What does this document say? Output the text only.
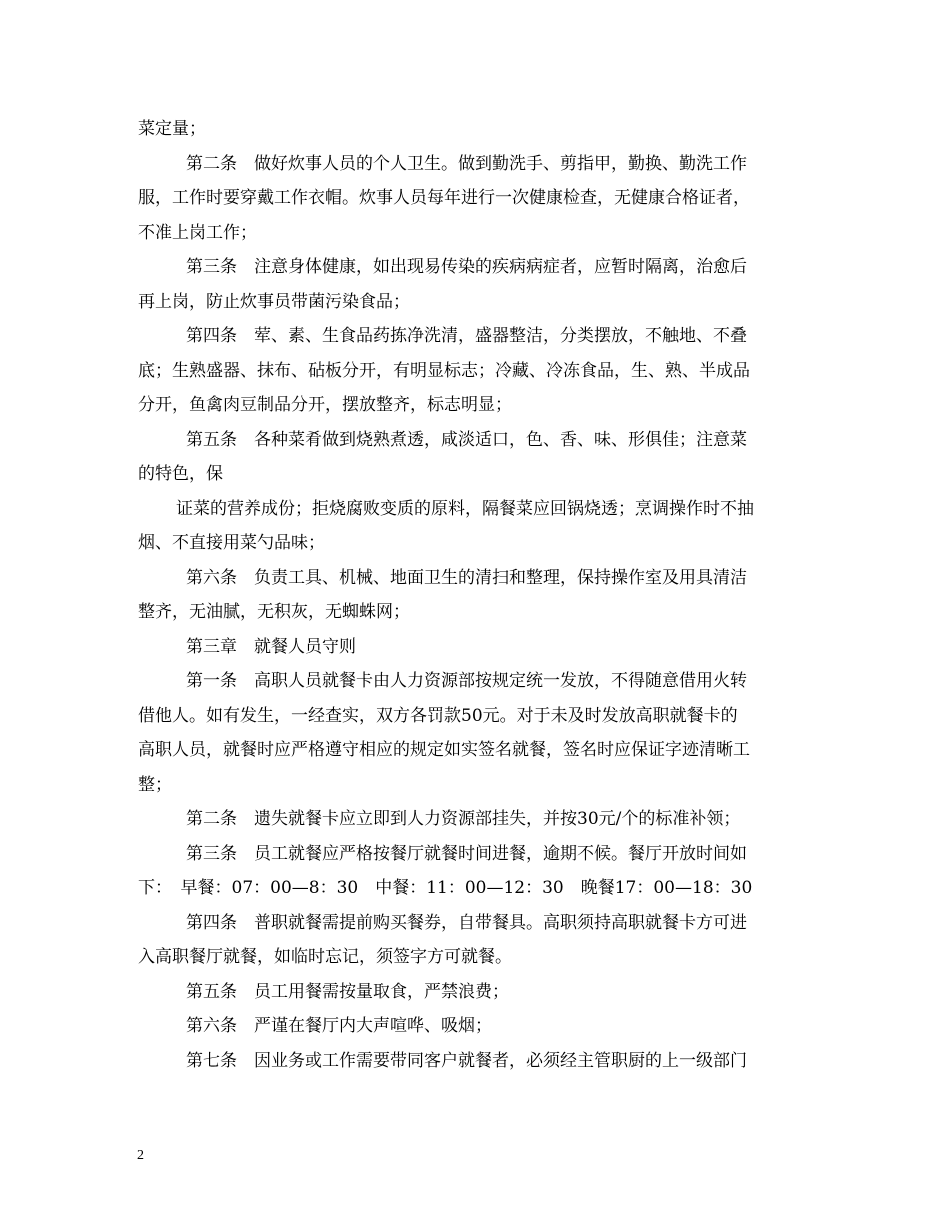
菜定量；
第二条　做好炊事人员的个人卫生。做到勤洗手、剪指甲，勤换、勤洗工作
服，工作时要穿戴工作衣帽。炊事人员每年进行一次健康检查，无健康合格证者，
不准上岗工作；
第三条　注意身体健康，如出现易传染的疾病病症者，应暂时隔离，治愈后
再上岗，防止炊事员带菌污染食品；
第四条　荤、素、生食品药拣净洗清，盛器整洁，分类摆放，不触地、不叠
底；生熟盛器、抹布、砧板分开，有明显标志；冷藏、冷冻食品，生、熟、半成品
分开，鱼禽肉豆制品分开，摆放整齐，标志明显；
第五条　各种菜肴做到烧熟煮透，咸淡适口，色、香、味、形俱佳；注意菜
的特色，保
证菜的营养成份；拒烧腐败变质的原料，隔餐菜应回锅烧透；烹调操作时不抽
烟、不直接用菜勺品味；
第六条　负责工具、机械、地面卫生的清扫和整理，保持操作室及用具清洁
整齐，无油腻，无积灰，无蜘蛛网；
第三章　就餐人员守则
第一条　高职人员就餐卡由人力资源部按规定统一发放，不得随意借用火转
借他人。如有发生，一经查实，双方各罚款50元。对于未及时发放高职就餐卡的
高职人员，就餐时应严格遵守相应的规定如实签名就餐，签名时应保证字迹清晰工
整；
第二条　遗失就餐卡应立即到人力资源部挂失，并按30元/个的标准补领；
第三条　员工就餐应严格按餐厅就餐时间进餐，逾期不候。餐厅开放时间如
下：　早餐：07：00—8：30　中餐：11：00—12：30　晚餐17：00—18：30
第四条　普职就餐需提前购买餐券，自带餐具。高职须持高职就餐卡方可进
入高职餐厅就餐，如临时忘记，须签字方可就餐。
第五条　员工用餐需按量取食，严禁浪费；
第六条　严谨在餐厅内大声喧哗、吸烟；
第七条　因业务或工作需要带同客户就餐者，必须经主管职厨的上一级部门
2
